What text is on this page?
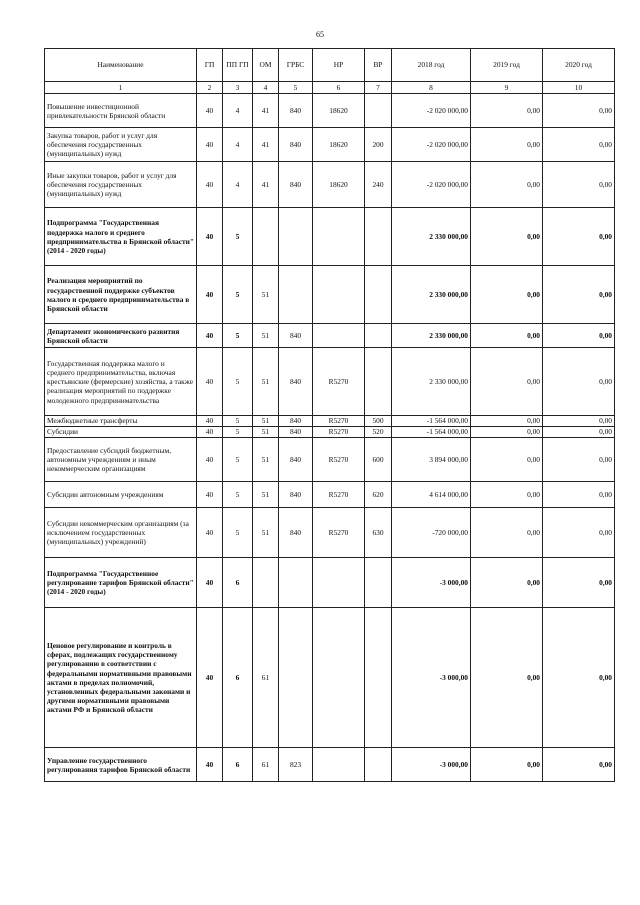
65
Наименование	ГП	ПП ГП	ОМ	ГРБС	НР	ВР	2018 год	2019 год	2020 год
1	2	3	4	5	6	7	8	9	10
Повышение инвестиционной привлекательности Брянской области	40	4	41	840	18620		-2 020 000,00	0,00	0,00
Закупка товаров, работ и услуг для обеспечения государственных (муниципальных) нужд	40	4	41	840	18620	200	-2 020 000,00	0,00	0,00
Иные закупки товаров, работ и услуг для обеспечения государственных (муниципальных) нужд	40	4	41	840	18620	240	-2 020 000,00	0,00	0,00
Подпрограмма "Государственная поддержка малого и среднего предпринимательства в Брянской области" (2014 - 2020 годы)	40	5					2 330 000,00	0,00	0,00
Реализация мероприятий по государственной поддержке субъектов малого и среднего предпринимательства в Брянской области	40	5	51				2 330 000,00	0,00	0,00
Департамент экономического развития Брянской области	40	5	51	840			2 330 000,00	0,00	0,00
Государственная поддержка малого и среднего предпринимательства, включая крестьянские (фермерские) хозяйства, а также реализация мероприятий по поддержке молодежного предпринимательства	40	5	51	840	R5270		2 330 000,00	0,00	0,00
Межбюджетные трансферты	40	5	51	840	R5270	500	-1 564 000,00	0,00	0,00
Субсидии	40	5	51	840	R5270	520	-1 564 000,00	0,00	0,00
Предоставление субсидий бюджетным, автономным учреждениям и иным некоммерческим организациям	40	5	51	840	R5270	600	3 894 000,00	0,00	0,00
Субсидии автономным учреждениям	40	5	51	840	R5270	620	4 614 000,00	0,00	0,00
Субсидии некоммерческим организациям (за исключением государственных (муниципальных) учреждений)	40	5	51	840	R5270	630	-720 000,00	0,00	0,00
Подпрограмма "Государственное регулирование тарифов Брянской области" (2014 - 2020 годы)	40	6					-3 000,00	0,00	0,00
Ценовое регулирование и контроль в сферах, подлежащих государственному регулированию в соответствии с федеральными нормативными правовыми актами в пределах полномочий, установленных федеральными законами и другими нормативными правовыми актами РФ и Брянской области	40	6	61				-3 000,00	0,00	0,00
Управление государственного регулирования тарифов Брянской области	40	6	61	823			-3 000,00	0,00	0,00
